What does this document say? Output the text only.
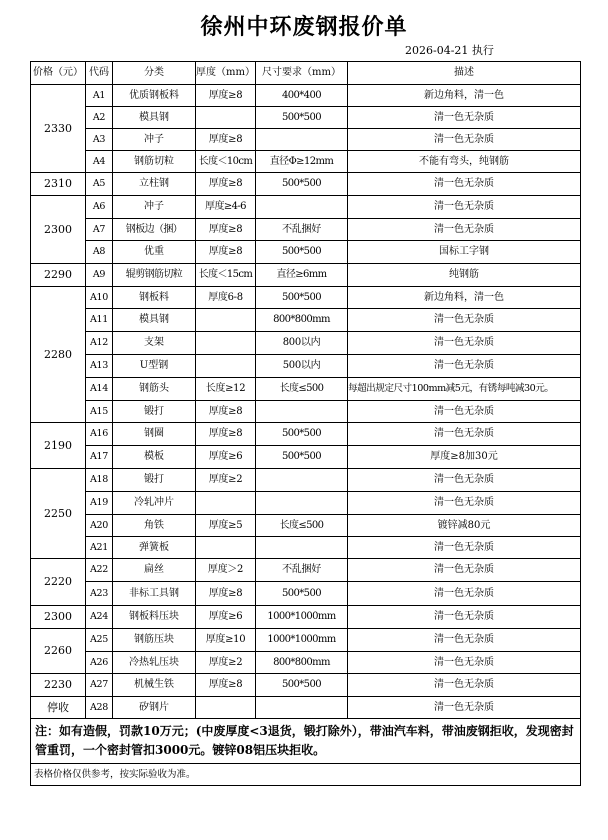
徐州中环废钢报价单
2026-04-21 执行
价格（元）	代码	分类	厚度（mm）	尺寸要求（mm）	描述
2330	A1	优质钢板料	厚度≥8	400*400	新边角料，清一色
	A2	模具钢		500*500	清一色无杂质
	A3	冲子	厚度≥8		清一色无杂质
	A4	钢筋切粒	长度＜10cm	直径Φ≥12mm	不能有弯头，纯钢筋
2310	A5	立柱钢	厚度≥8	500*500	清一色无杂质
2300	A6	冲子	厚度≥4-6		清一色无杂质
	A7	钢板边（捆）	厚度≥8	不乱捆好	清一色无杂质
	A8	优重	厚度≥8	500*500	国标工字钢
2290	A9	辊剪钢筋切粒	长度＜15cm	直径≥6mm	纯钢筋
2280	A10	钢板料	厚度6-8	500*500	新边角料，清一色
	A11	模具钢		800*800mm	清一色无杂质
	A12	支架		800以内	清一色无杂质
	A13	U型钢		500以内	清一色无杂质
	A14	钢筋头	长度≥12	长度≤500	每超出规定尺寸100mm减5元，有锈每吨减30元。
	A15	锻打	厚度≥8		清一色无杂质
2190	A16	钢圈	厚度≥8	500*500	清一色无杂质
	A17	模板	厚度≥6	500*500	厚度≥8加30元
2250	A18	锻打	厚度≥2		清一色无杂质
	A19	冷轧冲片			清一色无杂质
	A20	角铁	厚度≥5	长度≤500	镀锌减80元
	A21	弹簧板			清一色无杂质
2220	A22	扁丝	厚度＞2	不乱捆好	清一色无杂质
	A23	非标工具钢	厚度≥8	500*500	清一色无杂质
2300	A24	钢板料压块	厚度≥6	1000*1000mm	清一色无杂质
2260	A25	钢筋压块	厚度≥10	1000*1000mm	清一色无杂质
	A26	冷热轧压块	厚度≥2	800*800mm	清一色无杂质
2230	A27	机械生铁	厚度≥8	500*500	清一色无杂质
停收	A28	矽钢片			清一色无杂质
注：如有造假，罚款10万元；(中废厚度<3退货，锻打除外），带油汽车料，带油废钢拒收，发现密封管重罚，一个密封管扣3000元。镀锌08铝压块拒收。					
表格价格仅供参考，按实际验收为准。					
